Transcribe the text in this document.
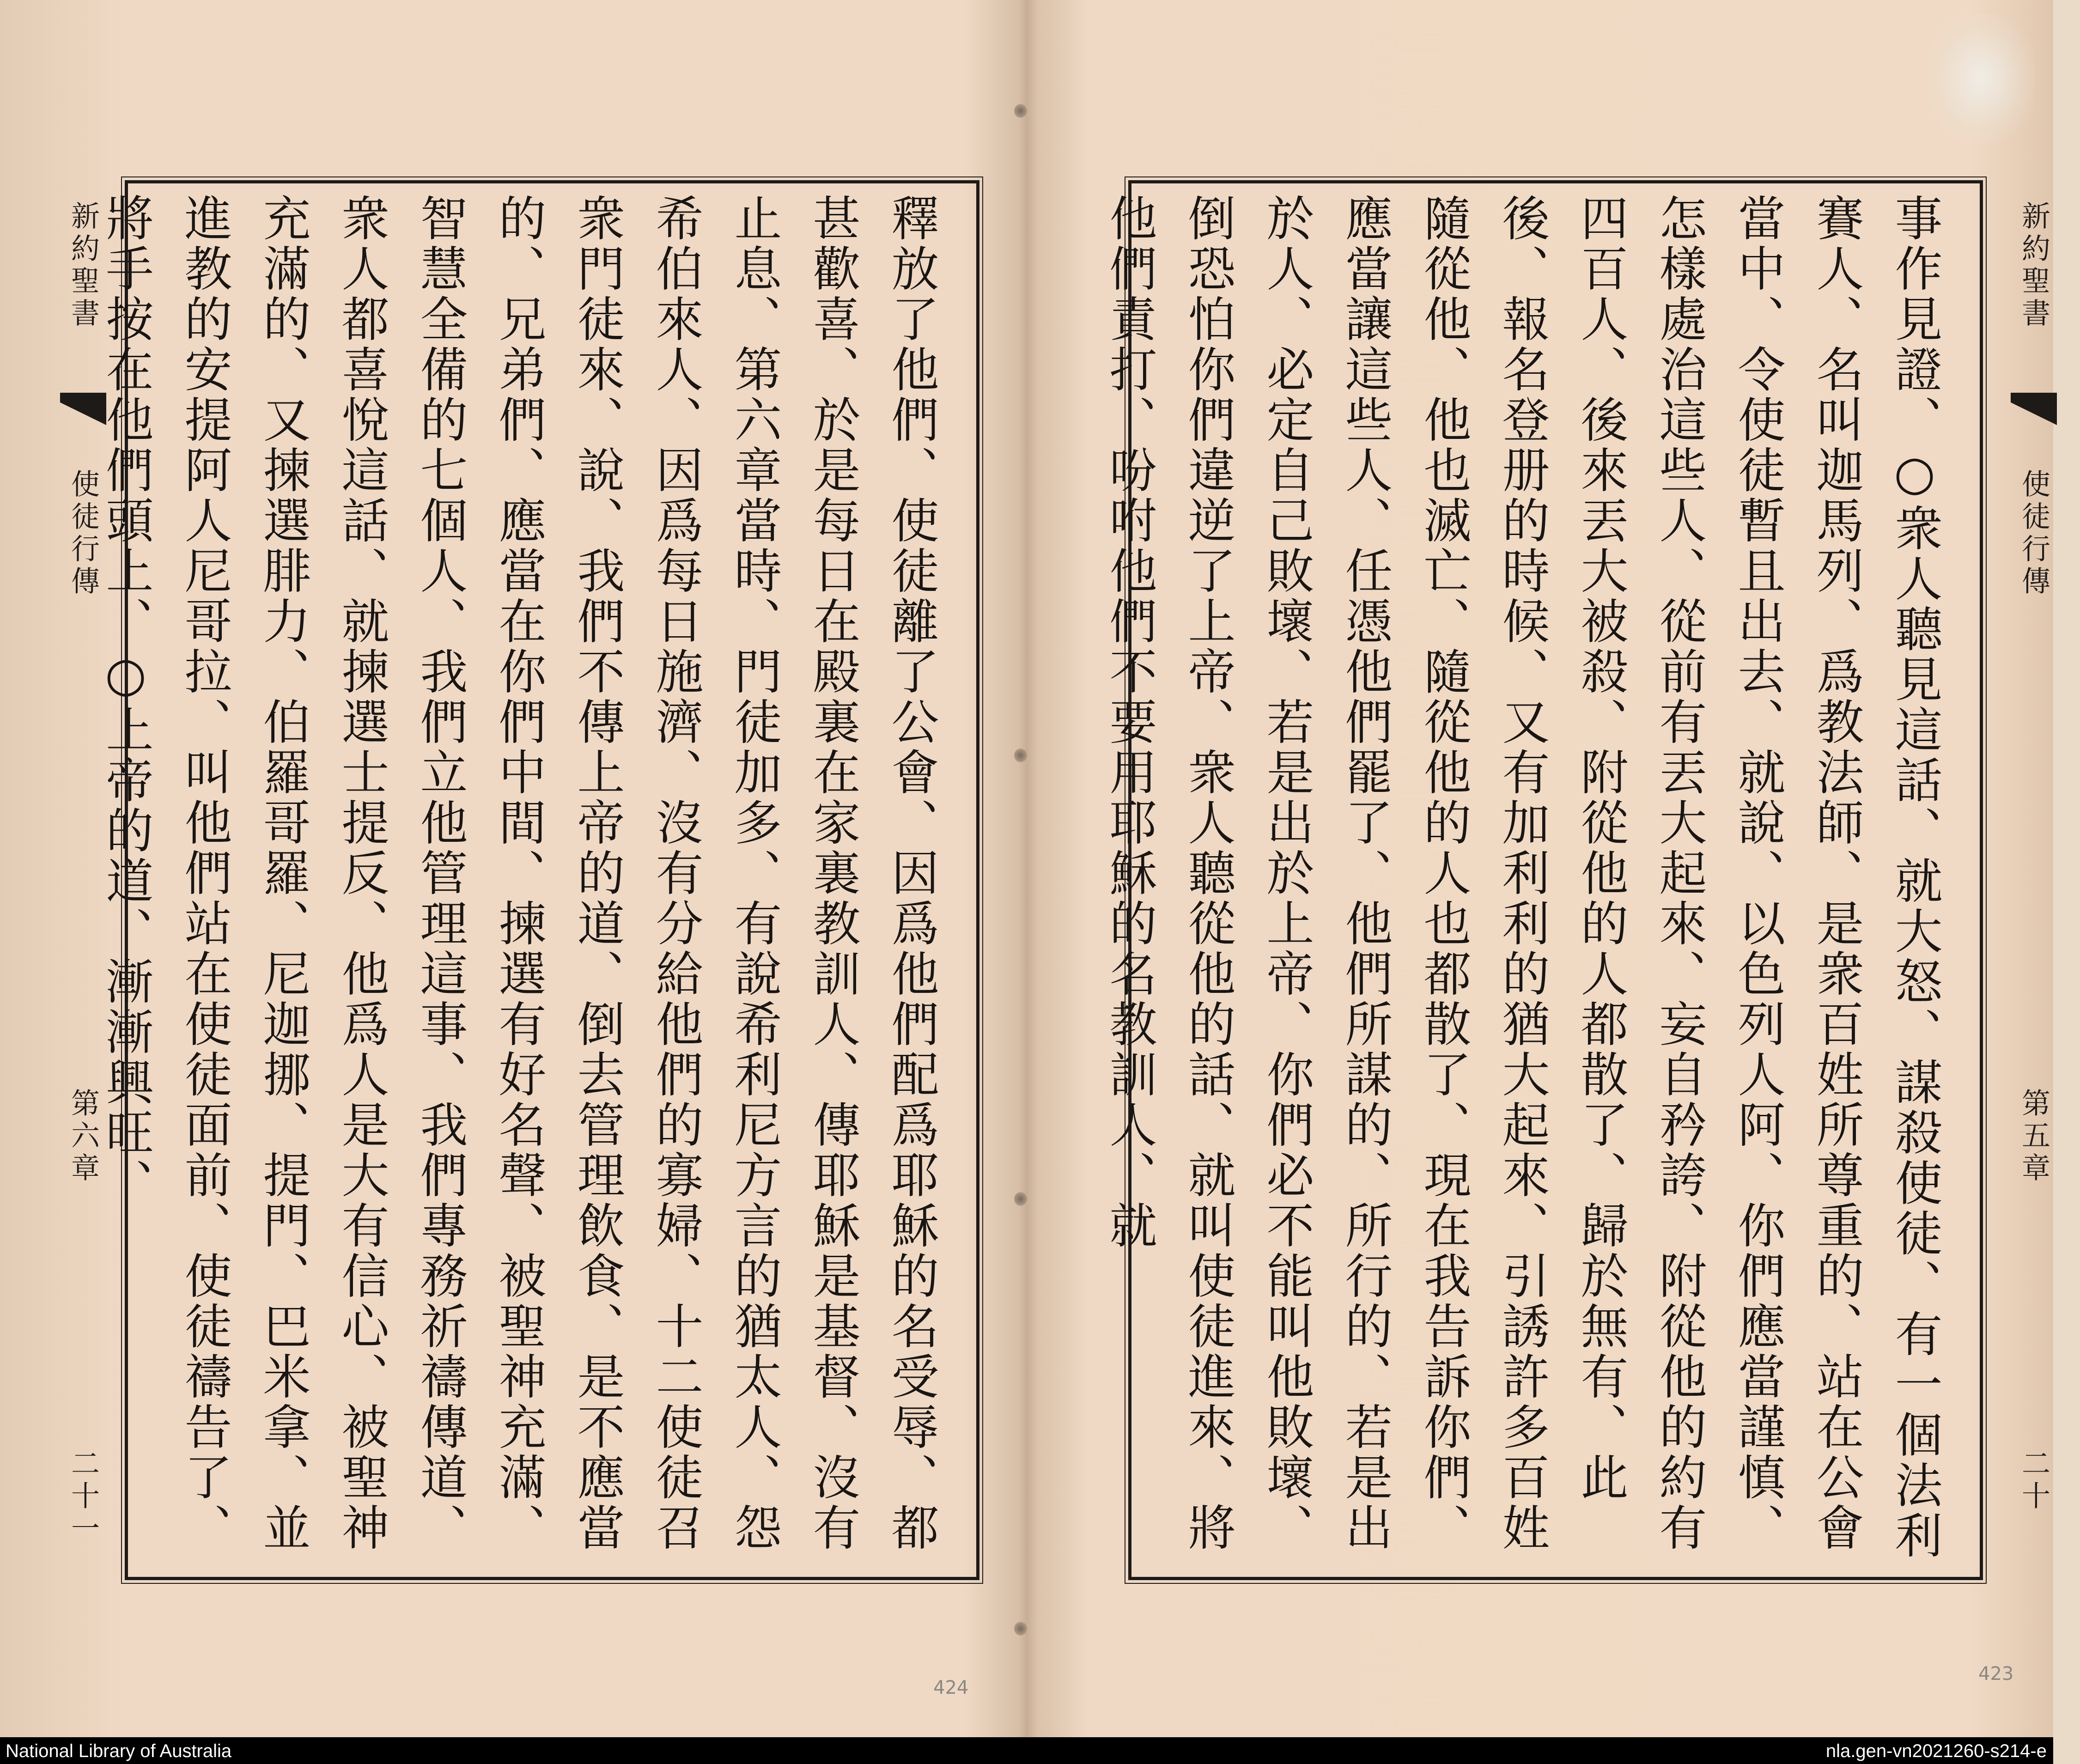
新約聖書
使徒行傳
第六章
二十一	釋放了他們、使徒離了公會、因爲他們配爲耶穌的名受辱、都甚歡喜、於是每日在殿裏在家裏教訓人、傳耶穌是基督、沒有止息、第六章當時、門徒加多、有說希利尼方言的猶太人、怨希伯來人、因爲每日施濟、沒有分給他們的寡婦、十二使徒召衆門徒來、說、我們不傳上帝的道、倒去管理飲食、是不應當的、兄弟們、應當在你們中間、揀選有好名聲、被聖神充滿、智慧全備的七個人、我們立他管理這事、我們專務祈禱傳道、衆人都喜悅這話、就揀選士提反、他爲人是大有信心、被聖神充滿的、又揀選腓力、伯羅哥羅、尼迦挪、提門、巴米拿、並進教的安提阿人尼哥拉、叫他們站在使徒面前、使徒禱告了、將手按在他們頭上、○上帝的道、漸漸興旺、
424
事作見證、○衆人聽見這話、就大怒、謀殺使徒、有一個法利賽人、名叫迦馬列、爲教法師、是衆百姓所尊重的、站在公會當中、令使徒暫且出去、就說、以色列人阿、你們應當謹慎、怎樣處治這些人、從前有丟大起來、妄自矜誇、附從他的約有四百人、後來丟大被殺、附從他的人都散了、歸於無有、此後、報名登册的時候、又有加利利的猶大起來、引誘許多百姓隨從他、他也滅亡、隨從他的人也都散了、現在我告訴你們、應當讓這些人、任憑他們罷了、他們所謀的、所行的、若是出於人、必定自己敗壞、若是出於上帝、你們必不能叫他敗壞、倒恐怕你們違逆了上帝、衆人聽從他的話、就叫使徒進來、將他們責打、吩咐他們不要用耶穌的名教訓人、就	新約聖書
使徒行傳
第五章
二十
423
National Library of Australia	nla.gen-vn2021260-s214-e
